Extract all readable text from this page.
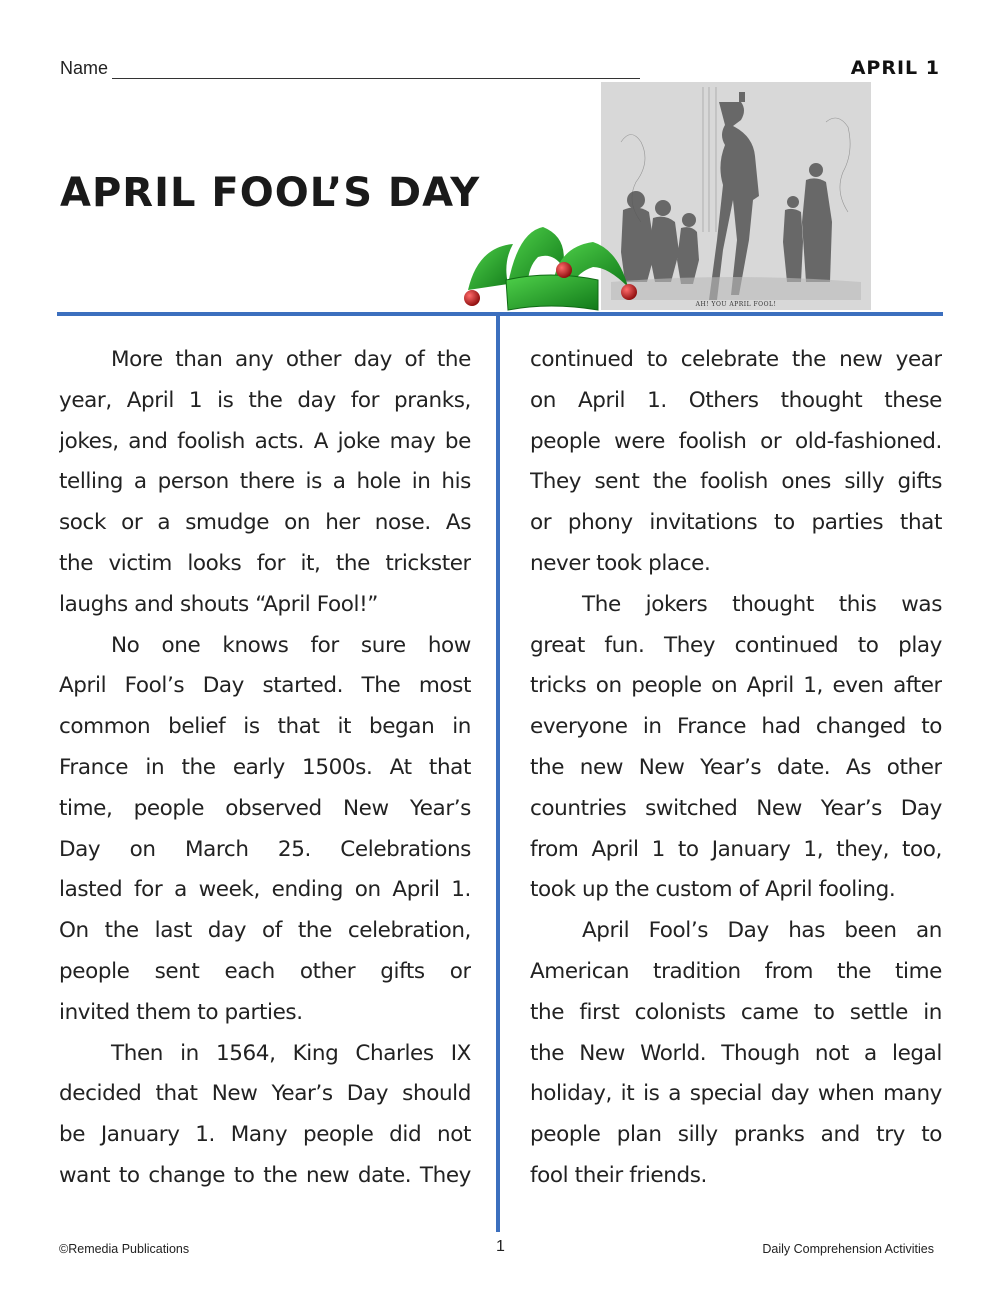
Name	APRIL 1
APRIL FOOL’S DAY
AH! YOU APRIL FOOL!
More than any other day of the
year, April 1 is the day for pranks,
jokes, and foolish acts. A joke may be
telling a person there is a hole in his
sock or a smudge on her nose. As
the victim looks for it, the trickster
laughs and shouts “April Fool!”
No one knows for sure how
April Fool’s Day started. The most
common belief is that it began in
France in the early 1500s. At that
time, people observed New Year’s
Day on March 25. Celebrations
lasted for a week, ending on April 1.
On the last day of the celebration,
people sent each other gifts or
invited them to parties.
Then in 1564, King Charles IX
decided that New Year’s Day should
be January 1. Many people did not
want to change to the new date. They
continued to celebrate the new year
on April 1. Others thought these
people were foolish or old-fashioned.
They sent the foolish ones silly gifts
or phony invitations to parties that
never took place.
The jokers thought this was
great fun. They continued to play
tricks on people on April 1, even after
everyone in France had changed to
the new New Year’s date. As other
countries switched New Year’s Day
from April 1 to January 1, they, too,
took up the custom of April fooling.
April Fool’s Day has been an
American tradition from the time
the first colonists came to settle in
the New World. Though not a legal
holiday, it is a special day when many
people plan silly pranks and try to
fool their friends.
©Remedia Publications	1	Daily Comprehension Activities
